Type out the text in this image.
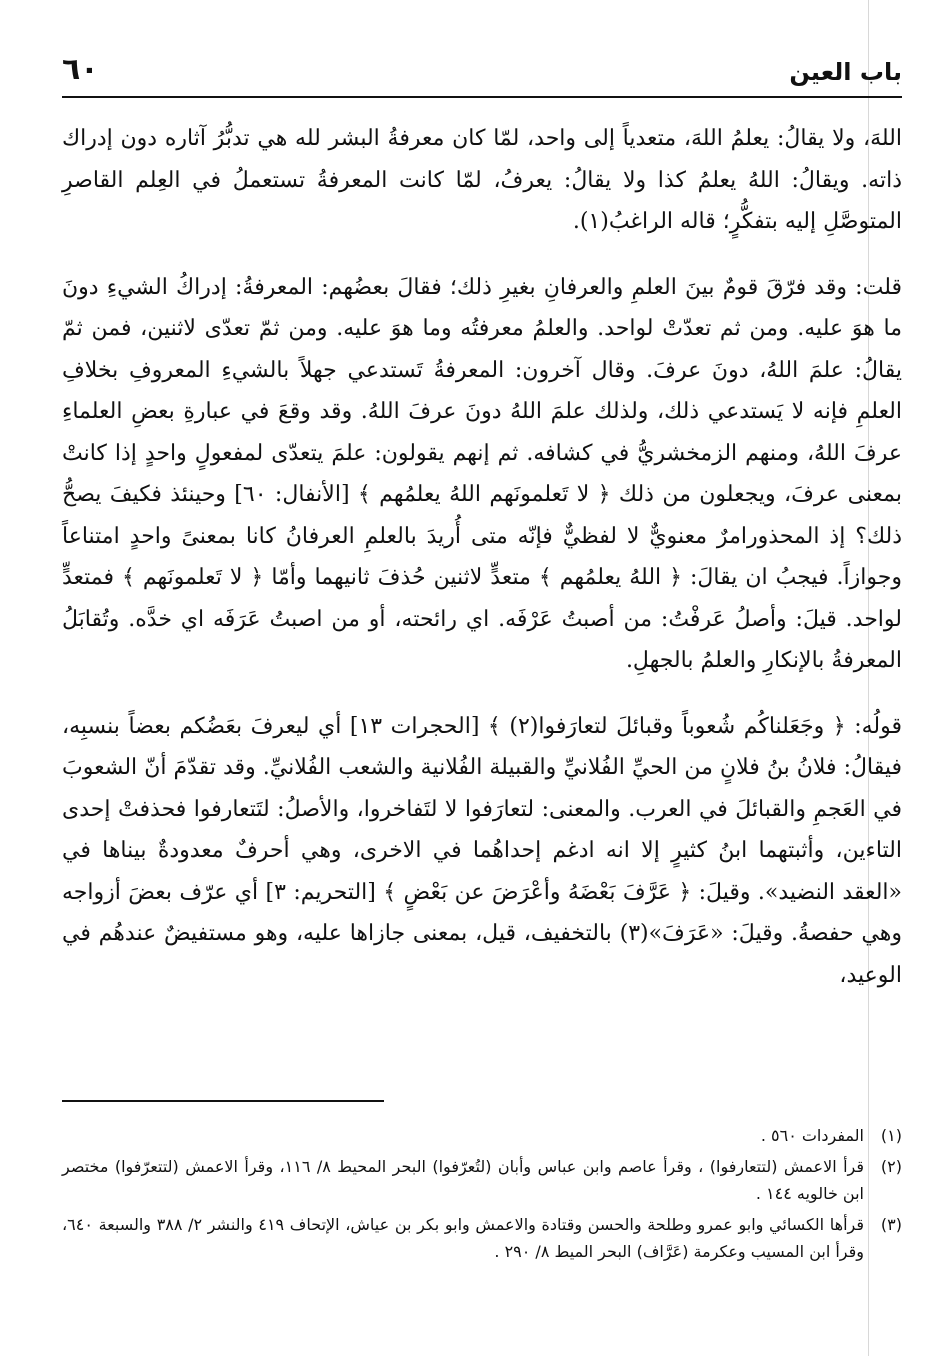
باب العين
٦٠

اللهَ، ولا يقالُ: يعلمُ اللهَ، متعدياً إلى واحد، لمّا كان معرفةُ البشر لله هي تدبُّرُ آثاره دون إدراك ذاته. ويقالُ: اللهُ يعلمُ كذا ولا يقالُ: يعرفُ، لمّا كانت المعرفةُ تستعملُ في العِلم القاصرِ المتوصَّلِ إليه بتفكُّرٍ؛ قاله الراغبُ(١).

قلت: وقد فرّقَ قومٌ بينَ العلمِ والعرفانِ بغيرِ ذلك؛ فقالَ بعضُهم: المعرفةُ: إدراكُ الشيءِ دونَ ما هوَ عليه. ومن ثم تعدّتْ لواحد. والعلمُ معرفتُه وما هوَ عليه. ومن ثمّ تعدّى لاثنين، فمن ثمّ يقالُ: علمَ اللهُ، دونَ عرفَ. وقال آخرون: المعرفةُ تَستدعي جهلاً بالشيءِ المعروفِ بخلافِ العلمِ فإنه لا يَستدعي ذلك، ولذلك علمَ اللهُ دونَ عرفَ اللهُ. وقد وقعَ في عبارةِ بعضِ العلماءِ عرفَ اللهُ، ومنهم الزمخشريُّ في كشافه. ثم إنهم يقولون: علمَ يتعدّى لمفعولٍ واحدٍ إذا كانتْ بمعنى عرفَ، ويجعلون من ذلك ﴿ لا تَعلمونَهم اللهُ يعلمُهم ﴾ [الأنفال: ٦٠] وحينئذ فكيفَ يصحُّ ذلك؟ إذ المحذورامرٌ معنويٌّ لا لفظيٌّ فإنّه متى أُريدَ بالعلمِ العرفانُ كانا بمعنىً واحدٍ امتناعاً وجوازاً. فيجبُ ان يقالَ: ﴿ اللهُ يعلمُهم ﴾ متعدٍّ لاثنين حُذفَ ثانيهما وأمّا ﴿ لا تَعلمونَهم ﴾ فمتعدٍّ لواحد. قيلَ: وأصلُ عَرفْتُ: من أصبتُ عَرْفَه. اي رائحته، أو من اصبتُ عَرَفَه اي خدَّه. وتُقابَلُ المعرفةُ بالإنكارِ والعلمُ بالجهلِ.

قولُه: ﴿ وجَعَلناكُم شُعوباً وقبائلَ لتعارَفوا(٢) ﴾ [الحجرات ١٣] أي ليعرفَ بعَضُكم بعضاً بنسبِه، فيقالُ: فلانُ بنُ فلانٍ من الحيِّ الفُلانيِّ والقبيلة الفُلانية والشعب الفُلانيِّ. وقد تقدّمَ أنّ الشعوبَ في العَجمِ والقبائلَ في العرب. والمعنى: لتعارَفوا لا لتَفاخروا، والأصلُ: لتَتعارفوا فحذفتْ إحدى التاءين، وأثبتهما ابنُ كثيرٍ إلا انه ادغم إحداهُما في الاخرى، وهي أحرفٌ معدودةٌ بيناها في «العقد النضيد». وقيلَ: ﴿ عَرَّفَ بَعْضَهُ وأعْرَضَ عن بَعْضٍ ﴾ [التحريم: ٣] أي عرّف بعضَ أزواجه وهي حفصةُ. وقيلَ: «عَرَفَ»(٣) بالتخفيف، قيل، بمعنى جازاها عليه، وهو مستفيضٌ عندهُم في الوعيد،

(١)
المفردات ٥٦٠ .
(٢)
قرأ الاعمش (لتتعارفوا) ، وقرأ عاصم وابن عباس وأبان (لتُعرّفوا) البحر المحيط ٨/ ١١٦، وقرأ الاعمش (لتتعرّفوا) مختصر ابن خالويه ١٤٤ .
(٣)
قرأها الكسائي وابو عمرو وطلحة والحسن وقتادة والاعمش وابو بكر بن عياش، الإتحاف ٤١٩ والنشر ٢/ ٣٨٨ والسبعة ٦٤٠، وقرأ ابن المسيب وعكرمة (عَرَّاف) البحر الميط ٨/ ٢٩٠ .
